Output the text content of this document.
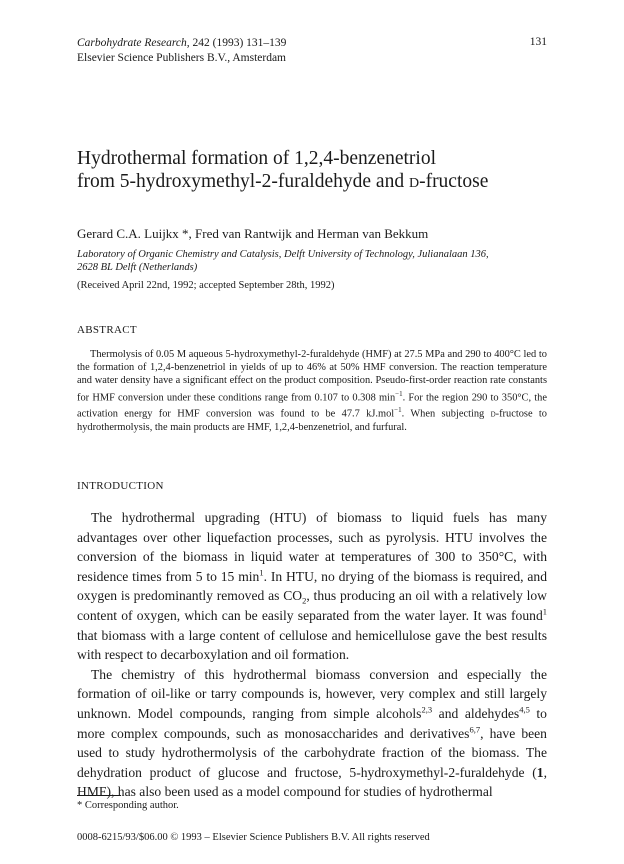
Carbohydrate Research, 242 (1993) 131–139
Elsevier Science Publishers B.V., Amsterdam
131
Hydrothermal formation of 1,2,4-benzenetriol
from 5-hydroxymethyl-2-furaldehyde and d-fructose
Gerard C.A. Luijkx *, Fred van Rantwijk and Herman van Bekkum
Laboratory of Organic Chemistry and Catalysis, Delft University of Technology, Julianalaan 136,
2628 BL Delft (Netherlands)
(Received April 22nd, 1992; accepted September 28th, 1992)
ABSTRACT
Thermolysis of 0.05 M aqueous 5-hydroxymethyl-2-furaldehyde (HMF) at 27.5 MPa and 290 to 400°C led to the formation of 1,2,4-benzenetriol in yields of up to 46% at 50% HMF conversion. The reaction temperature and water density have a significant effect on the product composition. Pseudo-first-order reaction rate constants for HMF conversion under these conditions range from 0.107 to 0.308 $\min^{-1}$. For the region 290 to 350°C, the activation energy for HMF conversion was found to be 47.7 kJ.mol$^{-1}$. When subjecting d-fructose to hydrothermolysis, the main products are HMF, 1,2,4-benzenetriol, and furfural.
INTRODUCTION

The hydrothermal upgrading (HTU) of biomass to liquid fuels has many advantages over other liquefaction processes, such as pyrolysis. HTU involves the conversion of the biomass in liquid water at temperatures of 300 to 350°C, with residence times from 5 to 15 $\min^1$. In HTU, no drying of the biomass is required, and oxygen is predominantly removed as $CO_2$, thus producing an oil with a relatively low content of oxygen, which can be easily separated from the water layer. It was found$^1$ that biomass with a large content of cellulose and hemicellulose gave the best results with respect to decarboxylation and oil formation.

The chemistry of this hydrothermal biomass conversion and especially the formation of oil-like or tarry compounds is, however, very complex and still largely unknown. Model compounds, ranging from simple alcohols$^{2,3}$ and aldehydes$^{4,5}$ to more complex compounds, such as monosaccharides and derivatives$^{6,7}$, have been used to study hydrothermolysis of the carbohydrate fraction of the biomass. The dehydration product of glucose and fructose, 5-hydroxymethyl-2-furaldehyde (1, HMF), has also been used as a model compound for studies of hydrothermal

* Corresponding author.
0008-6215/93/$06.00 © 1993 – Elsevier Science Publishers B.V. All rights reserved
